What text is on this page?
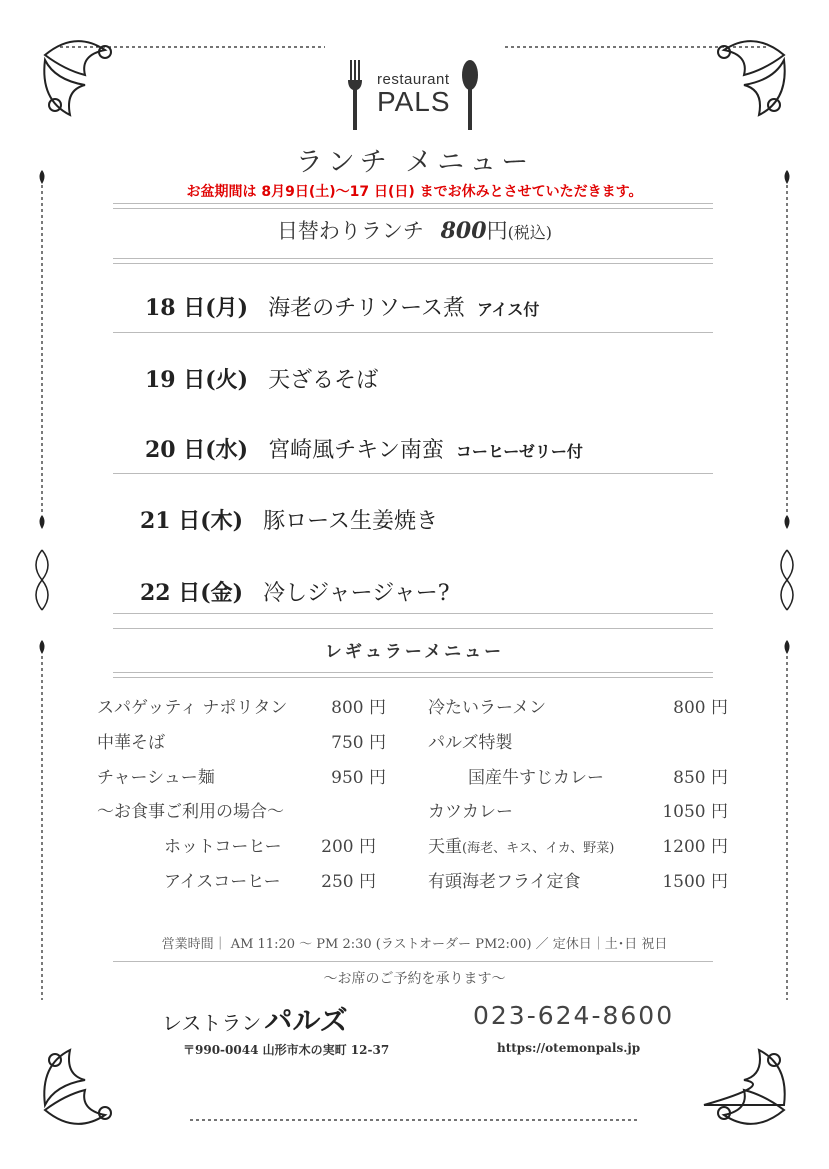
restaurant
PALS
ランチ メニュー
お盆期間は 8月9日(土)～17 日(日) までお休みとさせていただきます。
日替わりランチ 800円(税込)
18 日(月) 海老のチリソース煮 アイス付
19 日(火) 天ざるそば
20 日(水) 宮崎風チキン南蛮 コーヒーゼリー付
21 日(木) 豚ロース生姜焼き
22 日(金) 冷しジャージャー?
レギュラーメニュー
スパゲッティ ナポリタン	800 円
中華そば	750 円
チャーシュー麺	950 円
～お食事ご利用の場合～
ホットコーヒー	200 円
アイスコーヒー	250 円
冷たいラーメン	800 円
パルズ特製
国産牛すじカレー	850 円
カツカレー	1050 円
天重(海老、キス、イカ、野菜)	1200 円
有頭海老フライ定食	1500 円
営業時間｜ AM 11:20 ～ PM 2:30 (ラストオーダー PM2:00) ／ 定休日｜土･日 祝日
～お席のご予約を承ります～
レストラン パルズ	023-624-8600
〒990-0044 山形市木の実町 12-37	https://otemonpals.jp
